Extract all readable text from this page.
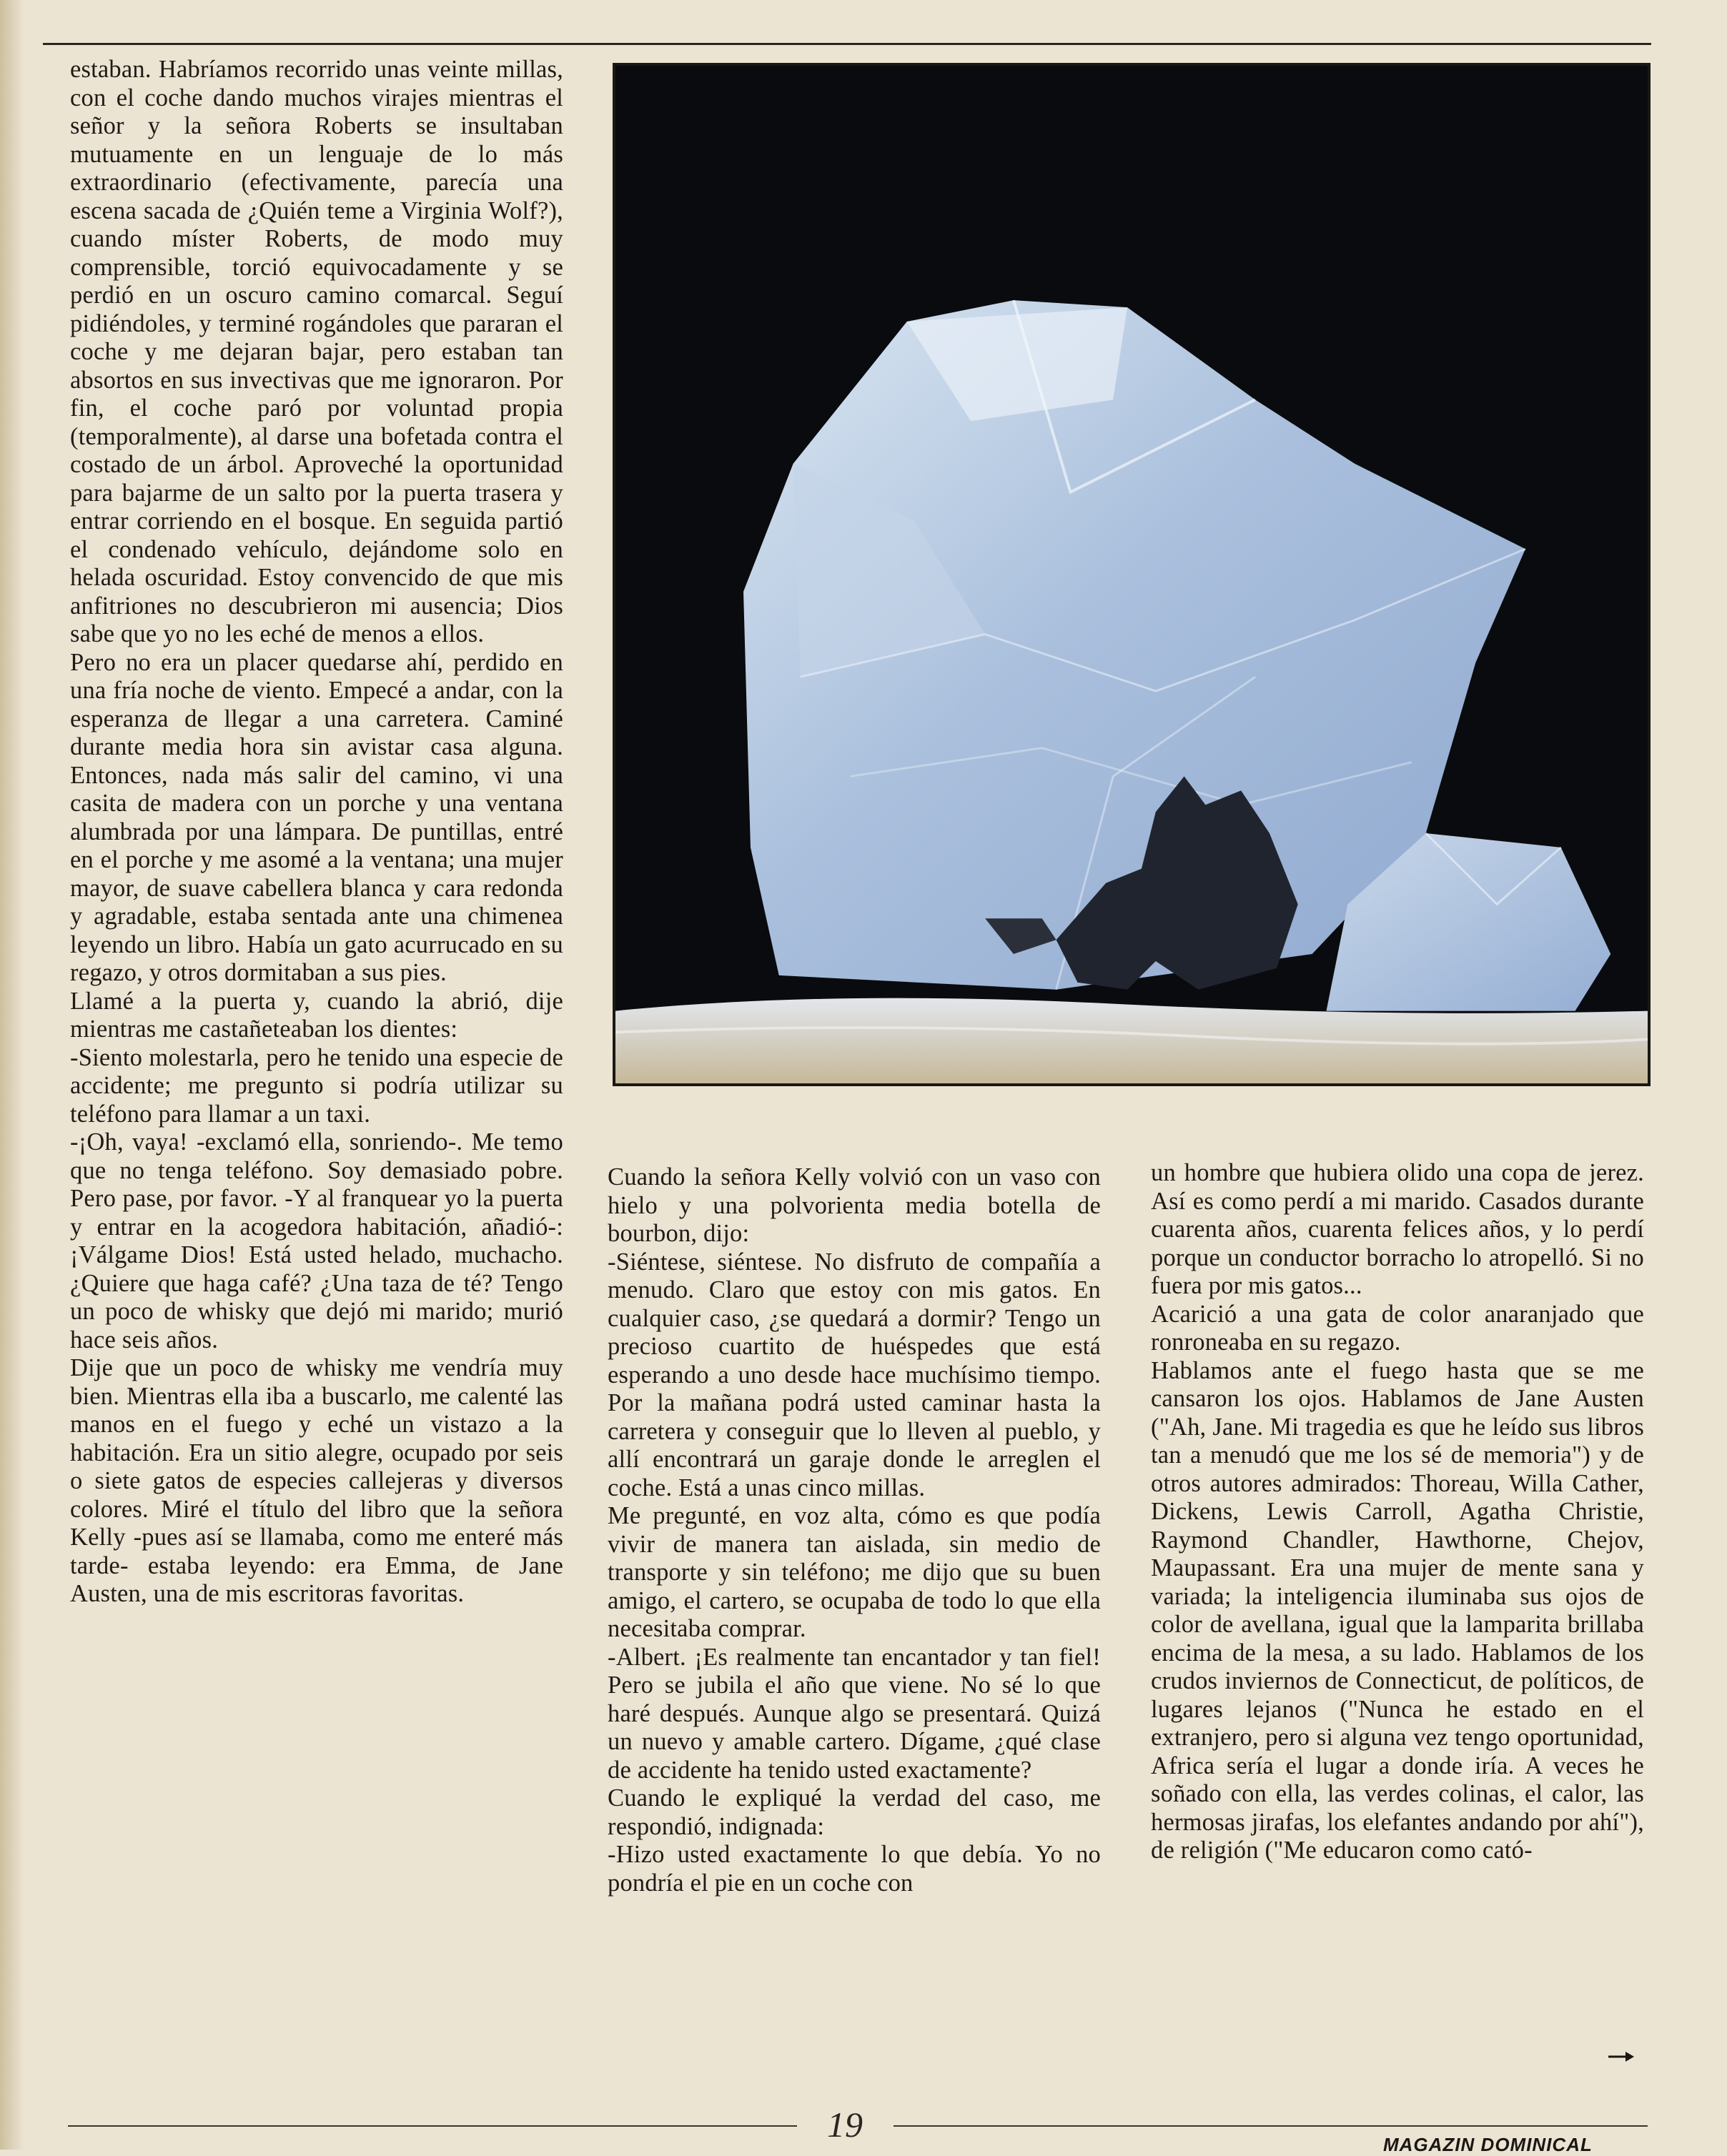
estaban. Habríamos recorrido unas veinte millas, con el coche dando muchos virajes mientras el señor y la señora Roberts se insultaban mutuamente en un lenguaje de lo más extraordinario (efectivamente, parecía una escena sacada de ¿Quién teme a Virginia Wolf?), cuando míster Roberts, de modo muy comprensible, torció equivocadamente y se perdió en un oscuro camino comarcal. Seguí pidiéndoles, y terminé rogándoles que pararan el coche y me dejaran bajar, pero estaban tan absortos en sus invectivas que me ignoraron. Por fin, el coche paró por voluntad propia (temporalmente), al darse una bofetada contra el costado de un árbol. Aproveché la oportunidad para bajarme de un salto por la puerta trasera y entrar corriendo en el bosque. En seguida partió el condenado vehículo, dejándome solo en helada oscuridad. Estoy convencido de que mis anfitriones no descubrieron mi ausencia; Dios sabe que yo no les eché de menos a ellos.

Pero no era un placer quedarse ahí, perdido en una fría noche de viento. Empecé a andar, con la esperanza de llegar a una carretera. Caminé durante media hora sin avistar casa alguna. Entonces, nada más salir del camino, vi una casita de madera con un porche y una ventana alumbrada por una lámpara. De puntillas, entré en el porche y me asomé a la ventana; una mujer mayor, de suave cabellera blanca y cara redonda y agradable, estaba sentada ante una chimenea leyendo un libro. Había un gato acurrucado en su regazo, y otros dormitaban a sus pies.

Llamé a la puerta y, cuando la abrió, dije mientras me castañeteaban los dientes:

-Siento molestarla, pero he tenido una especie de accidente; me pregunto si podría utilizar su teléfono para llamar a un taxi.

-¡Oh, vaya! -exclamó ella, sonriendo-. Me temo que no tenga teléfono. Soy demasiado pobre. Pero pase, por favor. -Y al franquear yo la puerta y entrar en la acogedora habitación, añadió-: ¡Válgame Dios! Está usted helado, muchacho. ¿Quiere que haga café? ¿Una taza de té? Tengo un poco de whisky que dejó mi marido; murió hace seis años.

Dije que un poco de whisky me vendría muy bien. Mientras ella iba a buscarlo, me calenté las manos en el fuego y eché un vistazo a la habitación. Era un sitio alegre, ocupado por seis o siete gatos de especies callejeras y diversos colores. Miré el título del libro que la señora Kelly -pues así se llamaba, como me enteré más tarde- estaba leyendo: era Emma, de Jane Austen, una de mis escritoras favoritas.

Cuando la señora Kelly volvió con un vaso con hielo y una polvorienta media botella de bourbon, dijo:

-Siéntese, siéntese. No disfruto de compañía a menudo. Claro que estoy con mis gatos. En cualquier caso, ¿se quedará a dormir? Tengo un precioso cuartito de huéspedes que está esperando a uno desde hace muchísimo tiempo. Por la mañana podrá usted caminar hasta la carretera y conseguir que lo lleven al pueblo, y allí encontrará un garaje donde le arreglen el coche. Está a unas cinco millas.

Me pregunté, en voz alta, cómo es que podía vivir de manera tan aislada, sin medio de transporte y sin teléfono; me dijo que su buen amigo, el cartero, se ocupaba de todo lo que ella necesitaba comprar.

-Albert. ¡Es realmente tan encantador y tan fiel! Pero se jubila el año que viene. No sé lo que haré después. Aunque algo se presentará. Quizá un nuevo y amable cartero. Dígame, ¿qué clase de accidente ha tenido usted exactamente?

Cuando le expliqué la verdad del caso, me respondió, indignada:

-Hizo usted exactamente lo que debía. Yo no pondría el pie en un coche con

un hombre que hubiera olido una copa de jerez. Así es como perdí a mi marido. Casados durante cuarenta años, cuarenta felices años, y lo perdí porque un conductor borracho lo atropelló. Si no fuera por mis gatos...

Acarició a una gata de color anaranjado que ronroneaba en su regazo.

Hablamos ante el fuego hasta que se me cansaron los ojos. Hablamos de Jane Austen ("Ah, Jane. Mi tragedia es que he leído sus libros tan a menudó que me los sé de memoria") y de otros autores admirados: Thoreau, Willa Cather, Dickens, Lewis Carroll, Agatha Christie, Raymond Chandler, Hawthorne, Chejov, Maupassant. Era una mujer de mente sana y variada; la inteligencia iluminaba sus ojos de color de avellana, igual que la lamparita brillaba encima de la mesa, a su lado. Hablamos de los crudos inviernos de Connecticut, de políticos, de lugares lejanos ("Nunca he estado en el extranjero, pero si alguna vez tengo oportunidad, Africa sería el lugar a donde iría. A veces he soñado con ella, las verdes colinas, el calor, las hermosas jirafas, los elefantes andando por ahí"), de religión ("Me educaron como cató-

19	MAGAZIN DOMINICAL
